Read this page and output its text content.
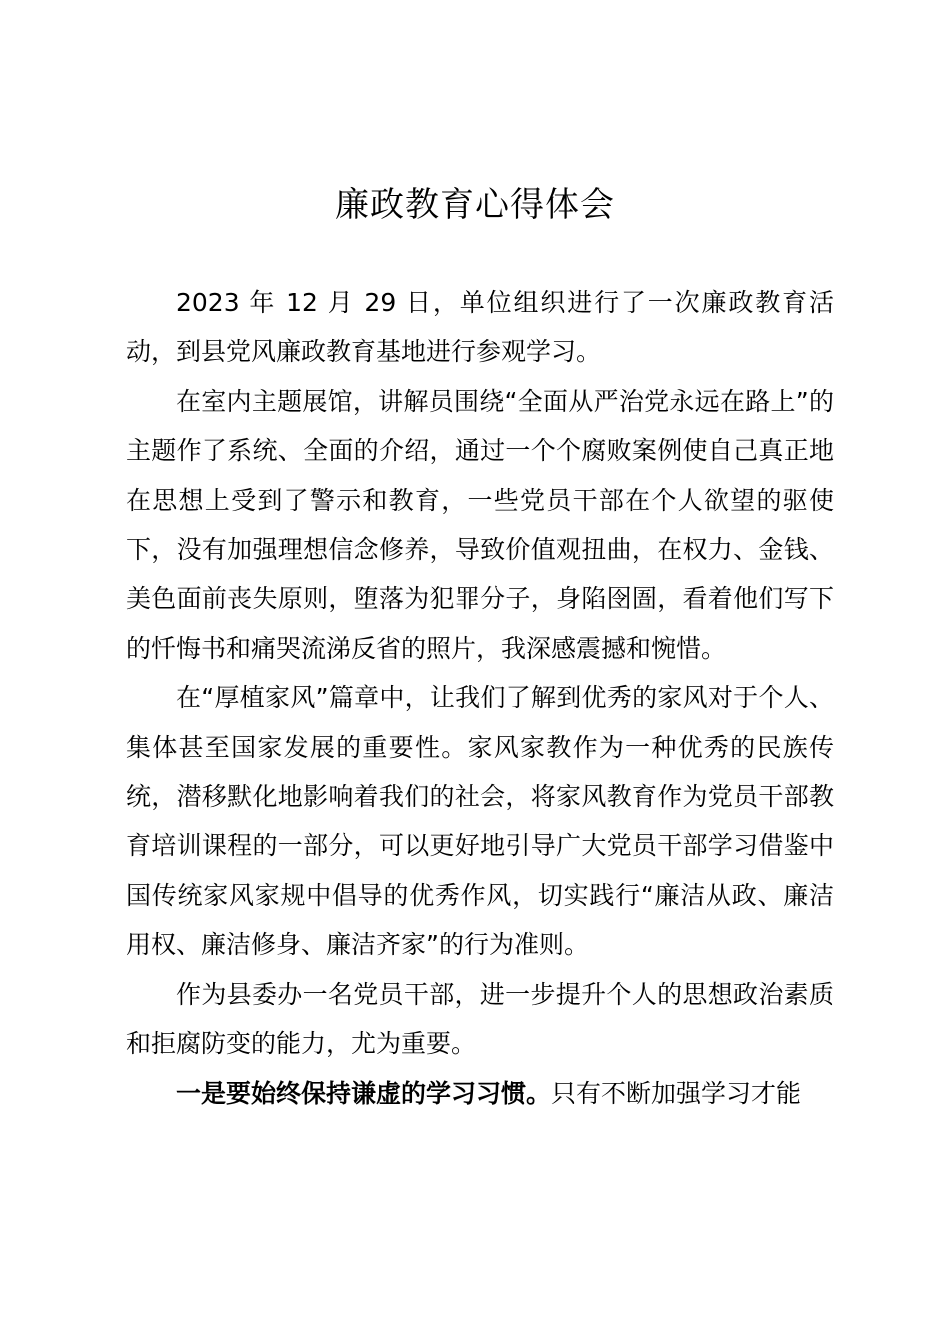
廉政教育心得体会

2023 年 12 月 29 日，单位组织进行了一次廉政教育活动，到县党风廉政教育基地进行参观学习。

在室内主题展馆，讲解员围绕“全面从严治党永远在路上”的主题作了系统、全面的介绍，通过一个个腐败案例使自己真正地在思想上受到了警示和教育，一些党员干部在个人欲望的驱使下，没有加强理想信念修养，导致价值观扭曲，在权力、金钱、美色面前丧失原则，堕落为犯罪分子，身陷囹圄，看着他们写下的忏悔书和痛哭流涕反省的照片，我深感震撼和惋惜。

在“厚植家风”篇章中，让我们了解到优秀的家风对于个人、集体甚至国家发展的重要性。家风家教作为一种优秀的民族传统，潜移默化地影响着我们的社会，将家风教育作为党员干部教育培训课程的一部分，可以更好地引导广大党员干部学习借鉴中国传统家风家规中倡导的优秀作风，切实践行“廉洁从政、廉洁用权、廉洁修身、廉洁齐家”的行为准则。

作为县委办一名党员干部，进一步提升个人的思想政治素质和拒腐防变的能力，尤为重要。

一是要始终保持谦虚的学习习惯。只有不断加强学习才能
